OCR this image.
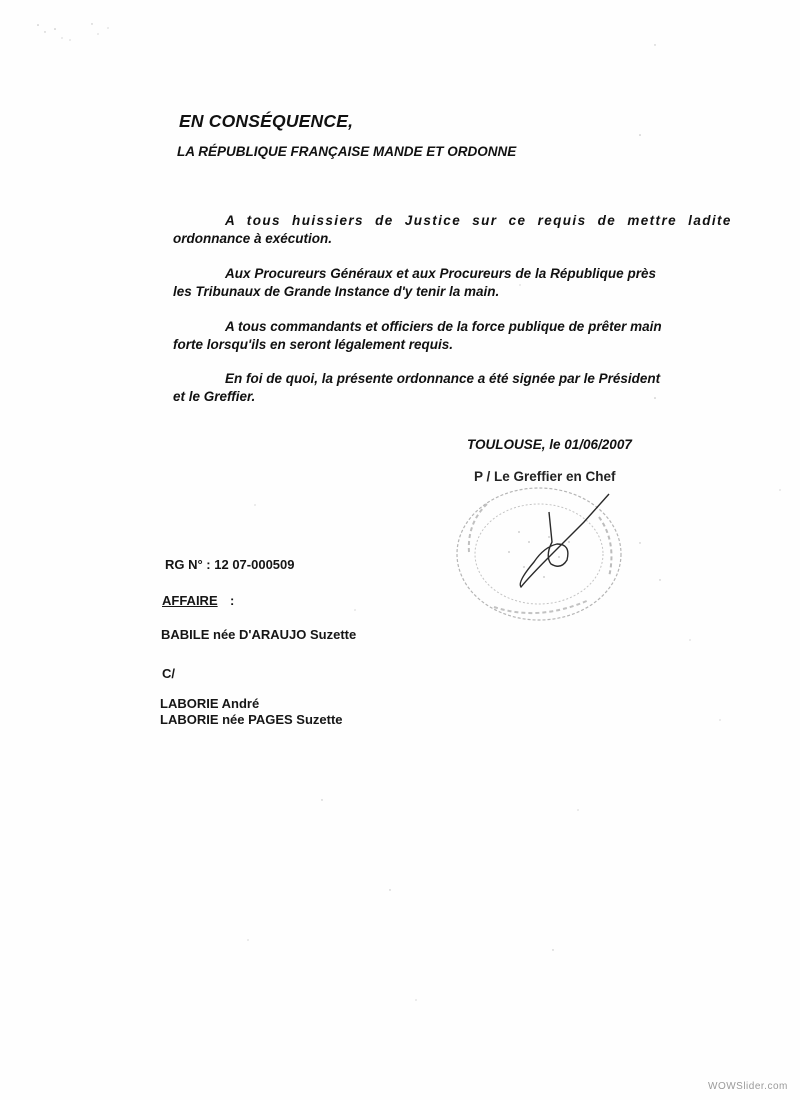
EN CONSÉQUENCE,
LA RÉPUBLIQUE FRANÇAISE MANDE ET ORDONNE
A tous huissiers de Justice sur ce requis de mettre ladite
ordonnance à exécution.
Aux Procureurs Généraux et aux Procureurs de la République près
les Tribunaux de Grande Instance d'y tenir la main.
A tous commandants et officiers de la force publique de prêter main
forte lorsqu'ils en seront légalement requis.
En foi de quoi, la présente ordonnance a été signée par le Président
et le Greffier.
TOULOUSE, le 01/06/2007
P / Le Greffier en Chef
RG N° : 12 07-000509
AFFAIRE :
BABILE née D'ARAUJO Suzette
C/
LABORIE André
LABORIE née PAGES Suzette
WOWSlider.com
